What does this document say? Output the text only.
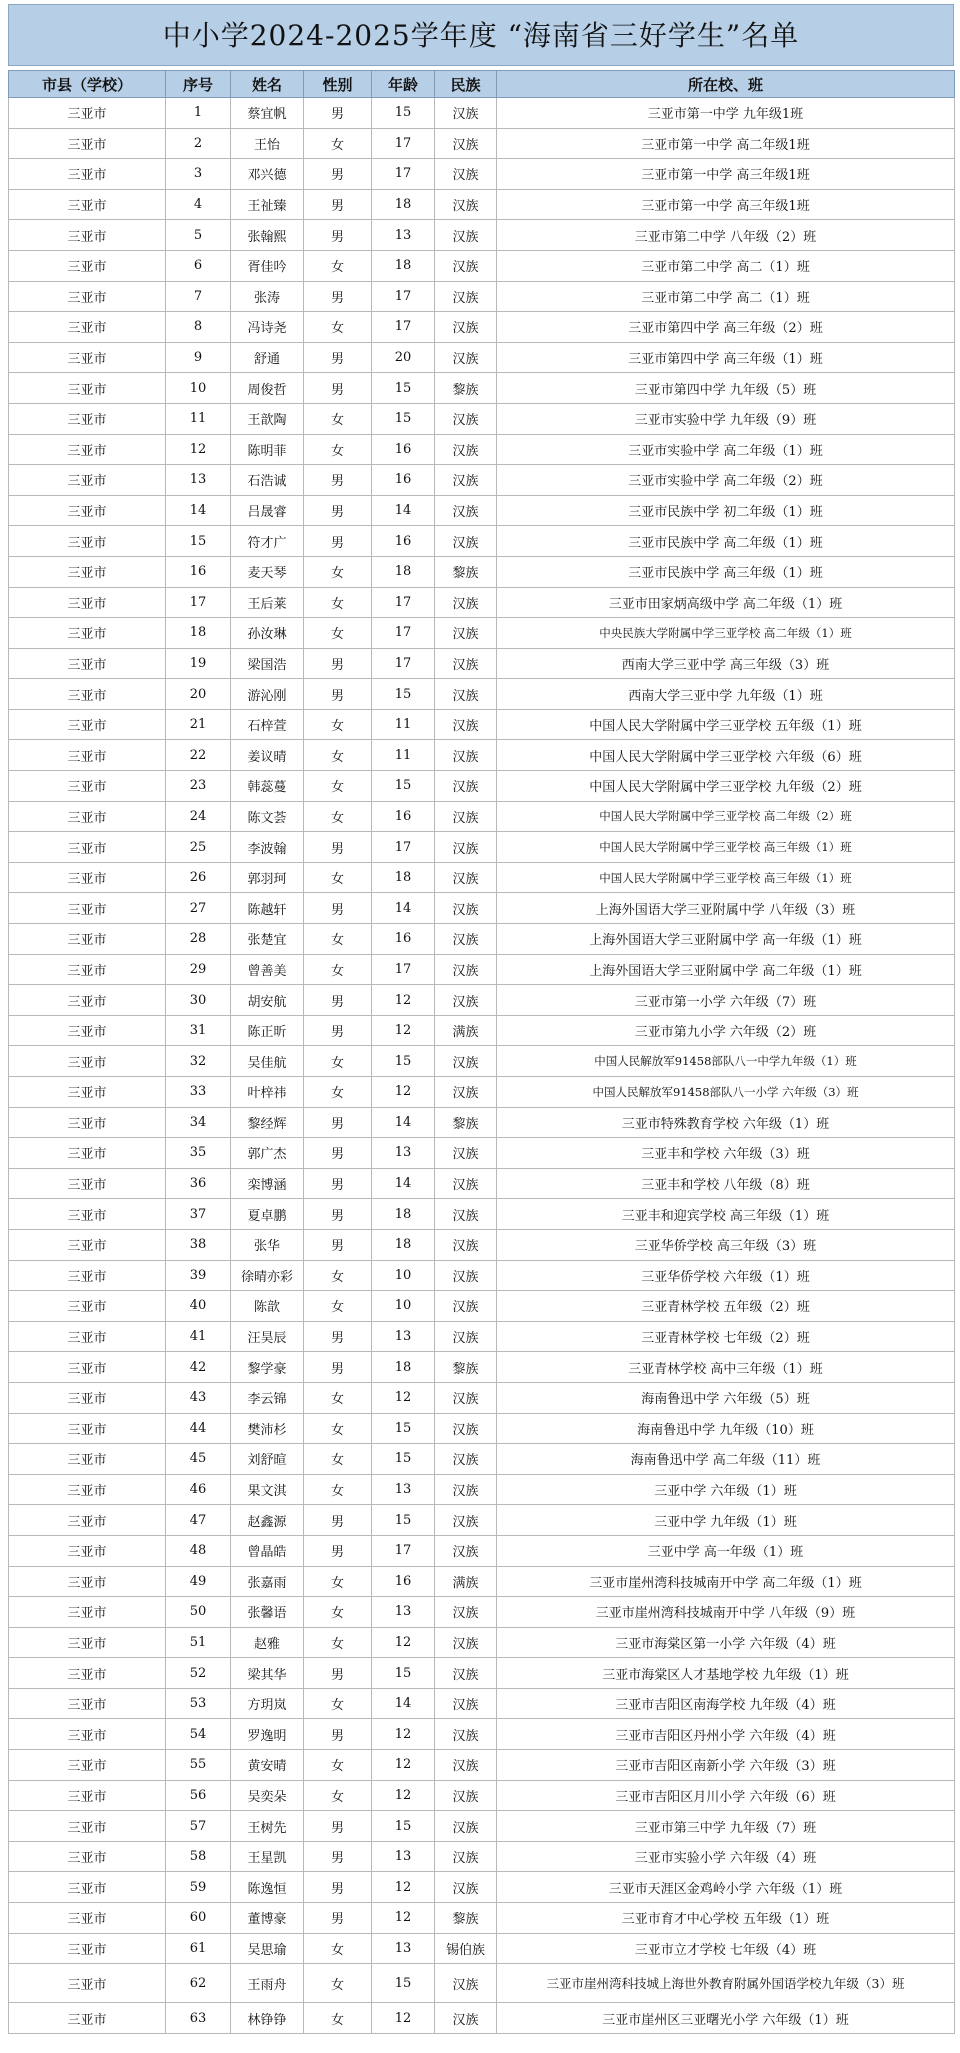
中小学2024-2025学年度 “海南省三好学生”名单
市县（学校）	序号	姓名	性别	年龄	民族	所在校、班
三亚市	1	蔡宜帆	男	15	汉族	三亚市第一中学 九年级1班
三亚市	2	王怡	女	17	汉族	三亚市第一中学 高二年级1班
三亚市	3	邓兴德	男	17	汉族	三亚市第一中学 高三年级1班
三亚市	4	王祉臻	男	18	汉族	三亚市第一中学 高三年级1班
三亚市	5	张翰熙	男	13	汉族	三亚市第二中学 八年级（2）班
三亚市	6	胥佳吟	女	18	汉族	三亚市第二中学 高二（1）班
三亚市	7	张涛	男	17	汉族	三亚市第二中学 高二（1）班
三亚市	8	冯诗尧	女	17	汉族	三亚市第四中学 高三年级（2）班
三亚市	9	舒通	男	20	汉族	三亚市第四中学 高三年级（1）班
三亚市	10	周俊哲	男	15	黎族	三亚市第四中学 九年级（5）班
三亚市	11	王歆陶	女	15	汉族	三亚市实验中学 九年级（9）班
三亚市	12	陈明菲	女	16	汉族	三亚市实验中学 高二年级（1）班
三亚市	13	石浩诚	男	16	汉族	三亚市实验中学 高二年级（2）班
三亚市	14	吕晟睿	男	14	汉族	三亚市民族中学 初二年级（1）班
三亚市	15	符才广	男	16	汉族	三亚市民族中学 高二年级（1）班
三亚市	16	麦天琴	女	18	黎族	三亚市民族中学 高三年级（1）班
三亚市	17	王后莱	女	17	汉族	三亚市田家炳高级中学 高二年级（1）班
三亚市	18	孙汝琳	女	17	汉族	中央民族大学附属中学三亚学校 高二年级（1）班
三亚市	19	梁国浩	男	17	汉族	西南大学三亚中学 高三年级（3）班
三亚市	20	游沁刚	男	15	汉族	西南大学三亚中学 九年级（1）班
三亚市	21	石梓萱	女	11	汉族	中国人民大学附属中学三亚学校 五年级（1）班
三亚市	22	姜议晴	女	11	汉族	中国人民大学附属中学三亚学校 六年级（6）班
三亚市	23	韩蕊蔓	女	15	汉族	中国人民大学附属中学三亚学校 九年级（2）班
三亚市	24	陈文荟	女	16	汉族	中国人民大学附属中学三亚学校 高二年级（2）班
三亚市	25	李波翰	男	17	汉族	中国人民大学附属中学三亚学校 高三年级（1）班
三亚市	26	郭羽珂	女	18	汉族	中国人民大学附属中学三亚学校 高三年级（1）班
三亚市	27	陈越轩	男	14	汉族	上海外国语大学三亚附属中学 八年级（3）班
三亚市	28	张楚宜	女	16	汉族	上海外国语大学三亚附属中学 高一年级（1）班
三亚市	29	曾善美	女	17	汉族	上海外国语大学三亚附属中学 高二年级（1）班
三亚市	30	胡安航	男	12	汉族	三亚市第一小学 六年级（7）班
三亚市	31	陈正昕	男	12	满族	三亚市第九小学 六年级（2）班
三亚市	32	吴佳航	女	15	汉族	中国人民解放军91458部队八一中学九年级（1）班
三亚市	33	叶梓祎	女	12	汉族	中国人民解放军91458部队八一小学 六年级（3）班
三亚市	34	黎经辉	男	14	黎族	三亚市特殊教育学校 六年级（1）班
三亚市	35	郭广杰	男	13	汉族	三亚丰和学校 六年级（3）班
三亚市	36	栾博涵	男	14	汉族	三亚丰和学校 八年级（8）班
三亚市	37	夏卓鹏	男	18	汉族	三亚丰和迎宾学校 高三年级（1）班
三亚市	38	张华	男	18	汉族	三亚华侨学校 高三年级（3）班
三亚市	39	徐晴亦彩	女	10	汉族	三亚华侨学校 六年级（1）班
三亚市	40	陈歆	女	10	汉族	三亚青林学校 五年级（2）班
三亚市	41	汪昊辰	男	13	汉族	三亚青林学校 七年级（2）班
三亚市	42	黎学豪	男	18	黎族	三亚青林学校 高中三年级（1）班
三亚市	43	李云锦	女	12	汉族	海南鲁迅中学 六年级（5）班
三亚市	44	樊沛杉	女	15	汉族	海南鲁迅中学 九年级（10）班
三亚市	45	刘舒暄	女	15	汉族	海南鲁迅中学 高二年级（11）班
三亚市	46	果文淇	女	13	汉族	三亚中学 六年级（1）班
三亚市	47	赵鑫源	男	15	汉族	三亚中学 九年级（1）班
三亚市	48	曾晶皓	男	17	汉族	三亚中学 高一年级（1）班
三亚市	49	张嘉雨	女	16	满族	三亚市崖州湾科技城南开中学 高二年级（1）班
三亚市	50	张馨语	女	13	汉族	三亚市崖州湾科技城南开中学 八年级（9）班
三亚市	51	赵雅	女	12	汉族	三亚市海棠区第一小学 六年级（4）班
三亚市	52	梁其华	男	15	汉族	三亚市海棠区人才基地学校 九年级（1）班
三亚市	53	方玥岚	女	14	汉族	三亚市吉阳区南海学校 九年级（4）班
三亚市	54	罗逸明	男	12	汉族	三亚市吉阳区丹州小学 六年级（4）班
三亚市	55	黄安晴	女	12	汉族	三亚市吉阳区南新小学 六年级（3）班
三亚市	56	吴奕朵	女	12	汉族	三亚市吉阳区月川小学 六年级（6）班
三亚市	57	王树先	男	15	汉族	三亚市第三中学 九年级（7）班
三亚市	58	王星凯	男	13	汉族	三亚市实验小学 六年级（4）班
三亚市	59	陈逸恒	男	12	汉族	三亚市天涯区金鸡岭小学 六年级（1）班
三亚市	60	董博豪	男	12	黎族	三亚市育才中心学校 五年级（1）班
三亚市	61	吴思瑜	女	13	锡伯族	三亚市立才学校 七年级（4）班
三亚市	62	王雨舟	女	15	汉族	三亚市崖州湾科技城上海世外教育附属外国语学校九年级（3）班
三亚市	63	林铮铮	女	12	汉族	三亚市崖州区三亚曙光小学 六年级（1）班
